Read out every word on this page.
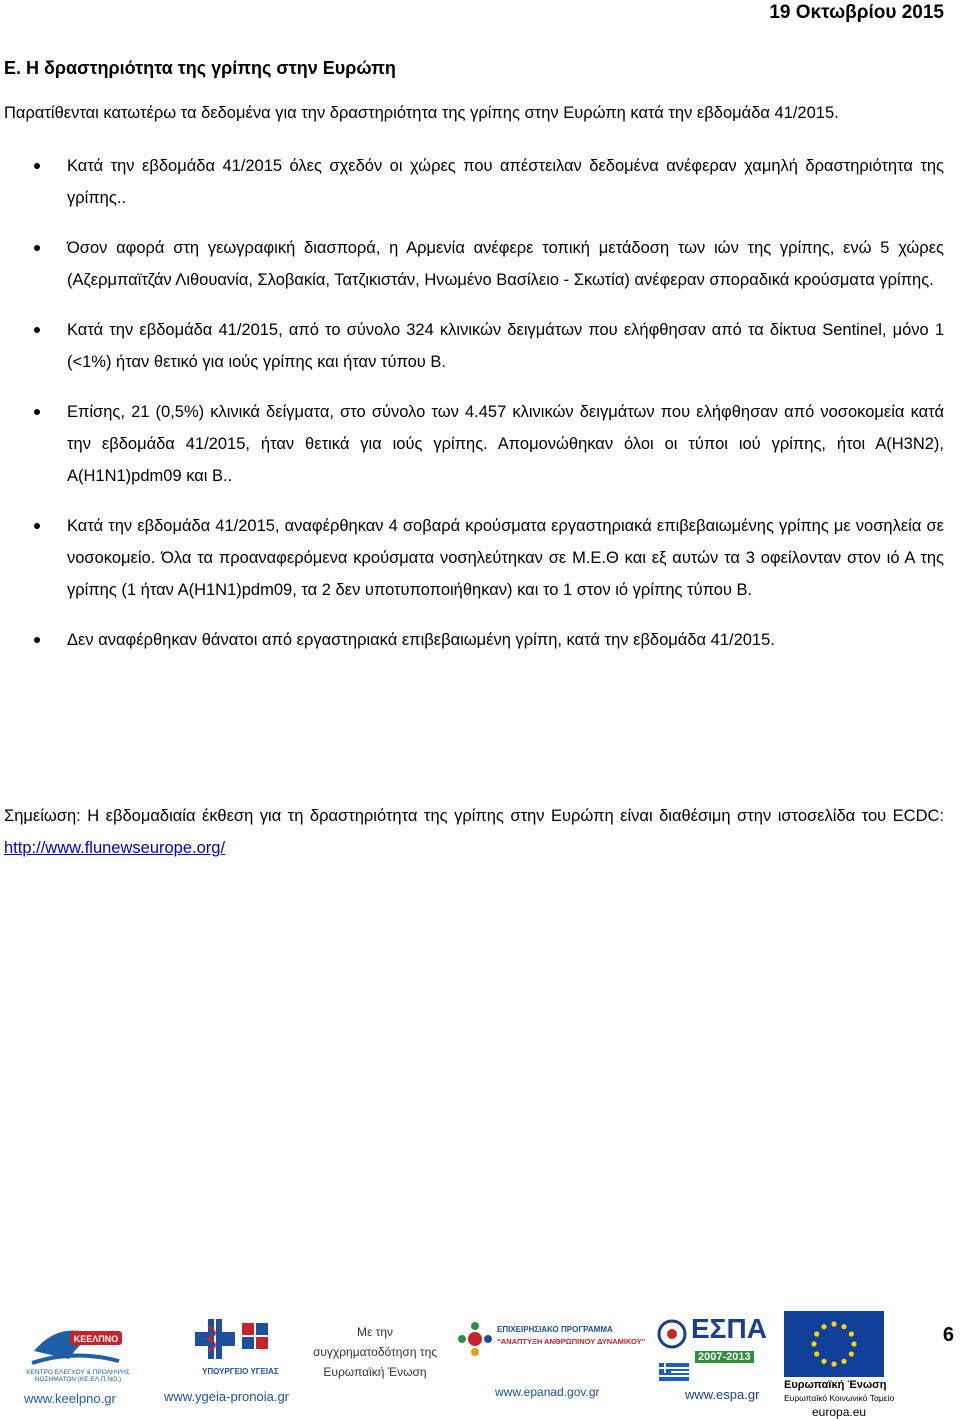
19 Οκτωβρίου 2015
Ε. Η δραστηριότητα της γρίπης στην Ευρώπη
Παρατίθενται κατωτέρω τα δεδομένα για την δραστηριότητα της γρίπης στην Ευρώπη κατά την εβδομάδα 41/2015.
Κατά την εβδομάδα 41/2015 όλες σχεδόν οι χώρες που απέστειλαν δεδομένα ανέφεραν χαμηλή δραστηριότητα της γρίπης..
Όσον αφορά στη γεωγραφική διασπορά, η Αρμενία ανέφερε τοπική μετάδοση των ιών της γρίπης, ενώ 5 χώρες (Αζερμπαϊτζάν Λιθουανία, Σλοβακία, Τατζικιστάν, Ηνωμένο Βασίλειο - Σκωτία) ανέφεραν σποραδικά κρούσματα γρίπης.
Κατά την εβδομάδα 41/2015, από το σύνολο 324 κλινικών δειγμάτων που ελήφθησαν από τα δίκτυα Sentinel, μόνο 1 (<1%) ήταν θετικό για ιούς γρίπης και ήταν τύπου Β.
Επίσης, 21 (0,5%) κλινικά δείγματα, στο σύνολο των 4.457 κλινικών δειγμάτων που ελήφθησαν από νοσοκομεία κατά την εβδομάδα 41/2015, ήταν θετικά για ιούς γρίπης. Απομονώθηκαν όλοι οι τύποι ιού γρίπης, ήτοι Α(Η3Ν2), Α(Η1Ν1)pdm09 και Β..
Κατά την εβδομάδα 41/2015, αναφέρθηκαν 4 σοβαρά κρούσματα εργαστηριακά επιβεβαιωμένης γρίπης με νοσηλεία σε νοσοκομείο. Όλα τα προαναφερόμενα κρούσματα νοσηλεύτηκαν σε Μ.Ε.Θ και εξ αυτών τα 3 οφείλονταν στον ιό Α της γρίπης (1 ήταν Α(Η1Ν1)pdm09, τα 2 δεν υποτυποποιήθηκαν) και το 1 στον ιό γρίπης τύπου Β.
Δεν αναφέρθηκαν θάνατοι από εργαστηριακά επιβεβαιωμένη γρίπη, κατά την εβδομάδα 41/2015.
Σημείωση: Η εβδομαδιαία έκθεση για τη δραστηριότητα της γρίπης στην Ευρώπη είναι διαθέσιμη στην ιστοσελίδα του ECDC: http://www.flunewseurope.org/
ΚΕΕΛΠΝΟ
ΚΕΝΤΡΟ ΕΛΕΓΧΟΥ & ΠΡΟΛΗΨΗΣ ΝΟΣΗΜΑΤΩΝ (ΚΕ.ΕΛ.Π.ΝΟ.)
www.keelpno.gr
ΥΠΟΥΡΓΕΙΟ ΥΓΕΙΑΣ
www.ygeia-pronoia.gr
Με την
συγχρηματοδότηση της
Ευρωπαϊκή Ένωση
ΕΠΙΧΕΙΡΗΣΙΑΚΟ ΠΡΟΓΡΑΜΜΑ
“ΑΝΑΠΤΥΞΗ ΑΝΘΡΩΠΙΝΟΥ ΔΥΝΑΜΙΚΟΥ”
www.epanad.gov.gr
ΕΣΠΑ
2007-2013
www.espa.gr
Ευρωπαϊκή Ένωση
Ευρωπαϊκό Κοινωνικό Ταμείο
europa.eu
6
